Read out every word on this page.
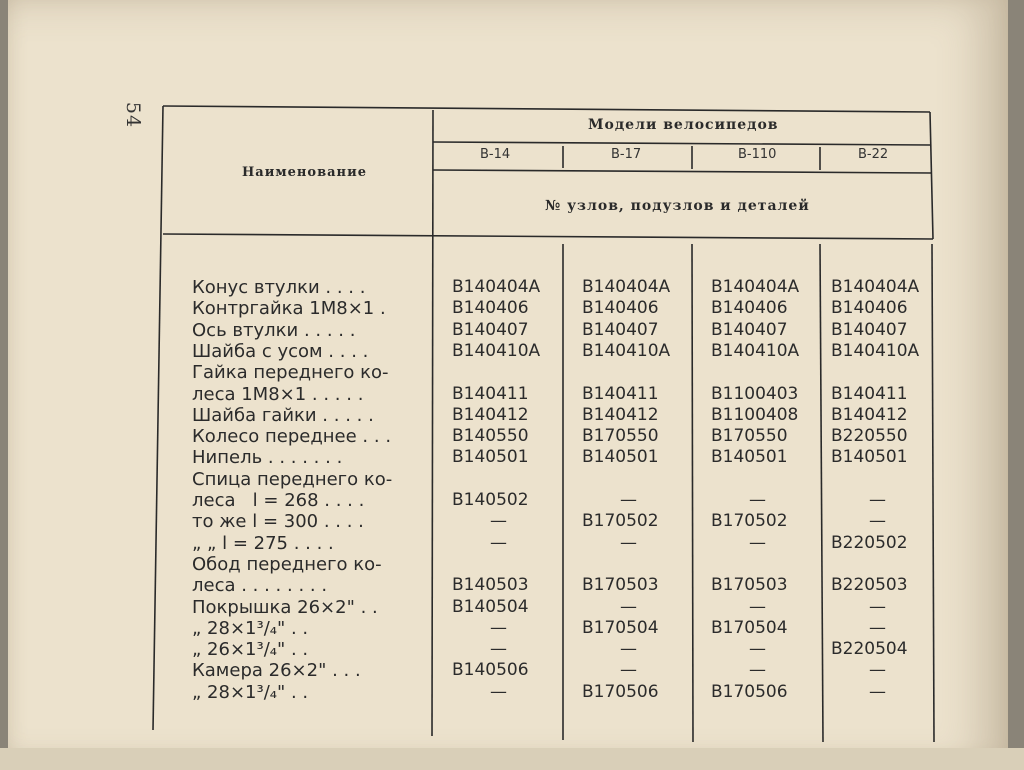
54
Наименование
Модели велосипедов
№ узлов, подузлов и деталей
В-14	В-17	В-110	В-22
Конус втулки . . . .	В140404А В140404А В140404А В140404А
Контргайка 1М8×1 .	В140406	В140406	В140406	В140406
Ось втулки . . . . .	В140407	В140407	В140407	В140407
Шайба с усом . . . .	В140410А В140410А В140410А В140410А
Гайка переднего ко-
леса 1М8×1 . . . . .	В140411	В140411	В1100403 В140411
Шайба гайки . . . . .	В140412	В140412	В1100408 В140412
Колесо переднее . . .	В140550	В170550	В170550	В220550
Нипель . . . . . . .	В140501	В140501	В140501	В140501
Спица переднего ко-
леса   l = 268 . . . .	В140502	—	—	—
то же l = 300 . . . .	—	В170502	В170502	—
„ „ l = 275 . . . .	—	—	—	В220502
Обод переднего ко-
леса . . . . . . . .	В140503	В170503	В170503	В220503
Покрышка 26×2" . .	В140504	—	—	—
„ 28×1³/₄" . .	—	В170504	В170504	—
„ 26×1³/₄" . .	—	—	—	В220504
Камера 26×2" . . .	В140506	—	—	—
„ 28×1³/₄" . .	—	В170506	В170506	—
